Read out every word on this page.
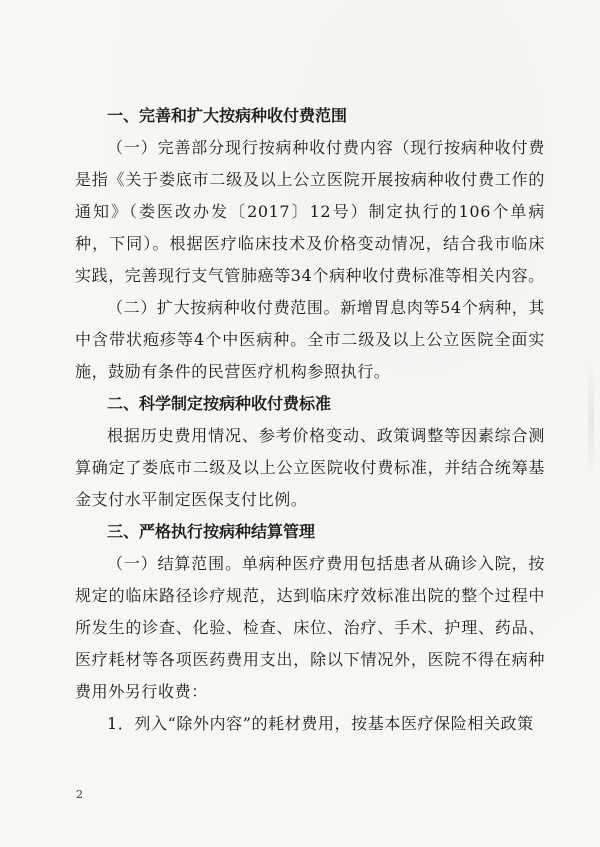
一、完善和扩大按病种收付费范围

（一）完善部分现行按病种收付费内容（现行按病种收付费是指《关于娄底市二级及以上公立医院开展按病种收付费工作的通知》（娄医改办发〔2017〕12号）制定执行的106个单病种，下同）。根据医疗临床技术及价格变动情况，结合我市临床实践，完善现行支气管肺癌等34个病种收付费标准等相关内容。

（二）扩大按病种收付费范围。新增胃息肉等54个病种，其中含带状疱疹等4个中医病种。全市二级及以上公立医院全面实施，鼓励有条件的民营医疗机构参照执行。

二、科学制定按病种收付费标准

根据历史费用情况、参考价格变动、政策调整等因素综合测算确定了娄底市二级及以上公立医院收付费标准，并结合统筹基金支付水平制定医保支付比例。

三、严格执行按病种结算管理

（一）结算范围。单病种医疗费用包括患者从确诊入院，按规定的临床路径诊疗规范，达到临床疗效标准出院的整个过程中所发生的诊查、化验、检查、床位、治疗、手术、护理、药品、医疗耗材等各项医药费用支出，除以下情况外，医院不得在病种费用外另行收费：

1．列入“除外内容”的耗材费用，按基本医疗保险相关政策

2
